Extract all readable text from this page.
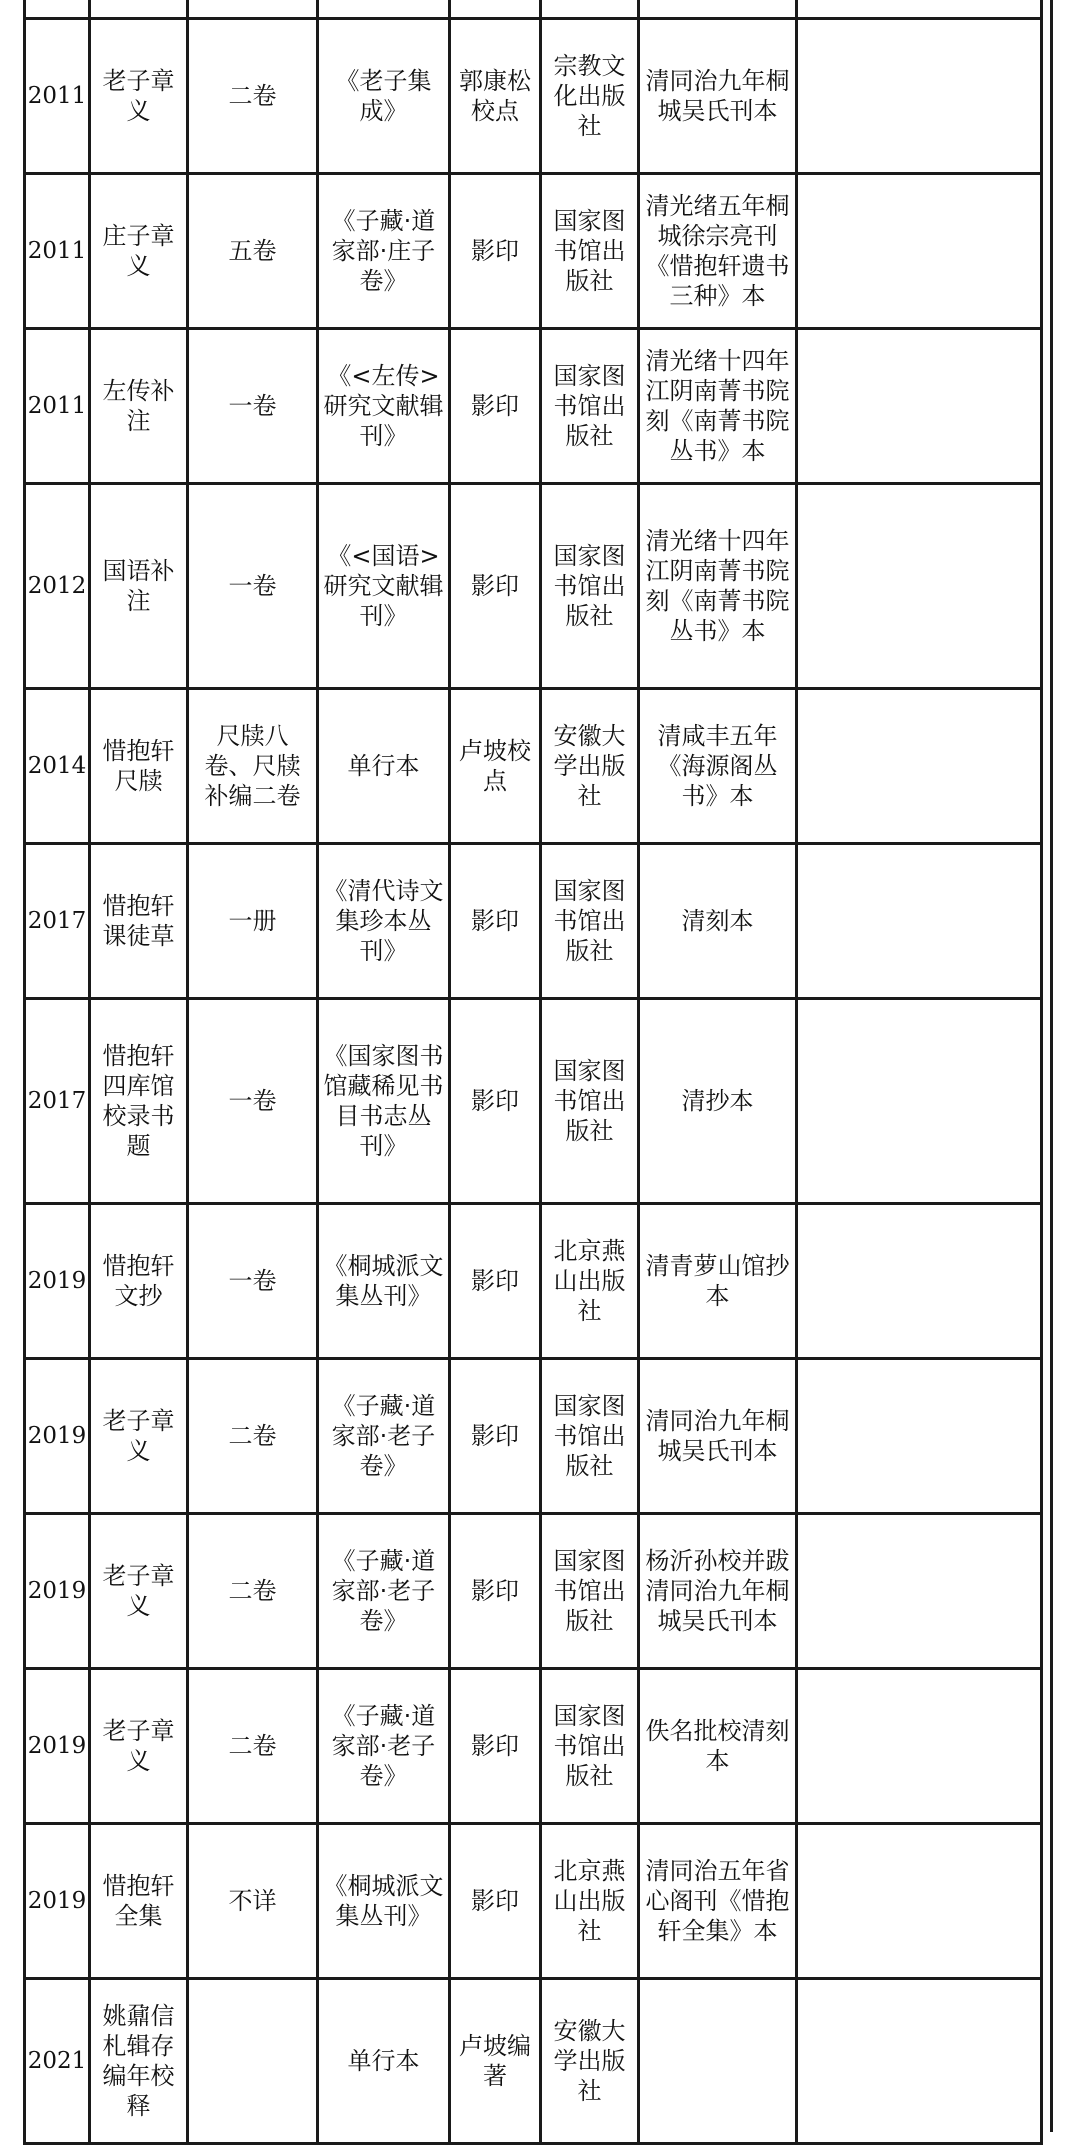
2011	老子章义	二卷	《老子集成》	郭康松校点	宗教文化出版社	清同治九年桐城吴氏刊本	
2011	庄子章义	五卷	《子藏·道家部·庄子卷》	影印	国家图书馆出版社	清光绪五年桐城徐宗亮刊《惜抱轩遗书三种》本	
2011	左传补注	一卷	《<左传>研究文献辑刊》	影印	国家图书馆出版社	清光绪十四年江阴南菁书院刻《南菁书院丛书》本	
2012	国语补注	一卷	《<国语>研究文献辑刊》	影印	国家图书馆出版社	清光绪十四年江阴南菁书院刻《南菁书院丛书》本	
2014	惜抱轩尺牍	尺牍八卷、尺牍补编二卷	单行本	卢坡校点	安徽大学出版社	清咸丰五年《海源阁丛书》本	
2017	惜抱轩课徒草	一册	《清代诗文集珍本丛刊》	影印	国家图书馆出版社	清刻本	
2017	惜抱轩四库馆校录书题	一卷	《国家图书馆藏稀见书目书志丛刊》	影印	国家图书馆出版社	清抄本	
2019	惜抱轩文抄	一卷	《桐城派文集丛刊》	影印	北京燕山出版社	清青萝山馆抄本	
2019	老子章义	二卷	《子藏·道家部·老子卷》	影印	国家图书馆出版社	清同治九年桐城吴氏刊本	
2019	老子章义	二卷	《子藏·道家部·老子卷》	影印	国家图书馆出版社	杨沂孙校并跋清同治九年桐城吴氏刊本	
2019	老子章义	二卷	《子藏·道家部·老子卷》	影印	国家图书馆出版社	佚名批校清刻本	
2019	惜抱轩全集	不详	《桐城派文集丛刊》	影印	北京燕山出版社	清同治五年省心阁刊《惜抱轩全集》本	
2021	姚鼐信札辑存编年校释		单行本	卢坡编著	安徽大学出版社		
